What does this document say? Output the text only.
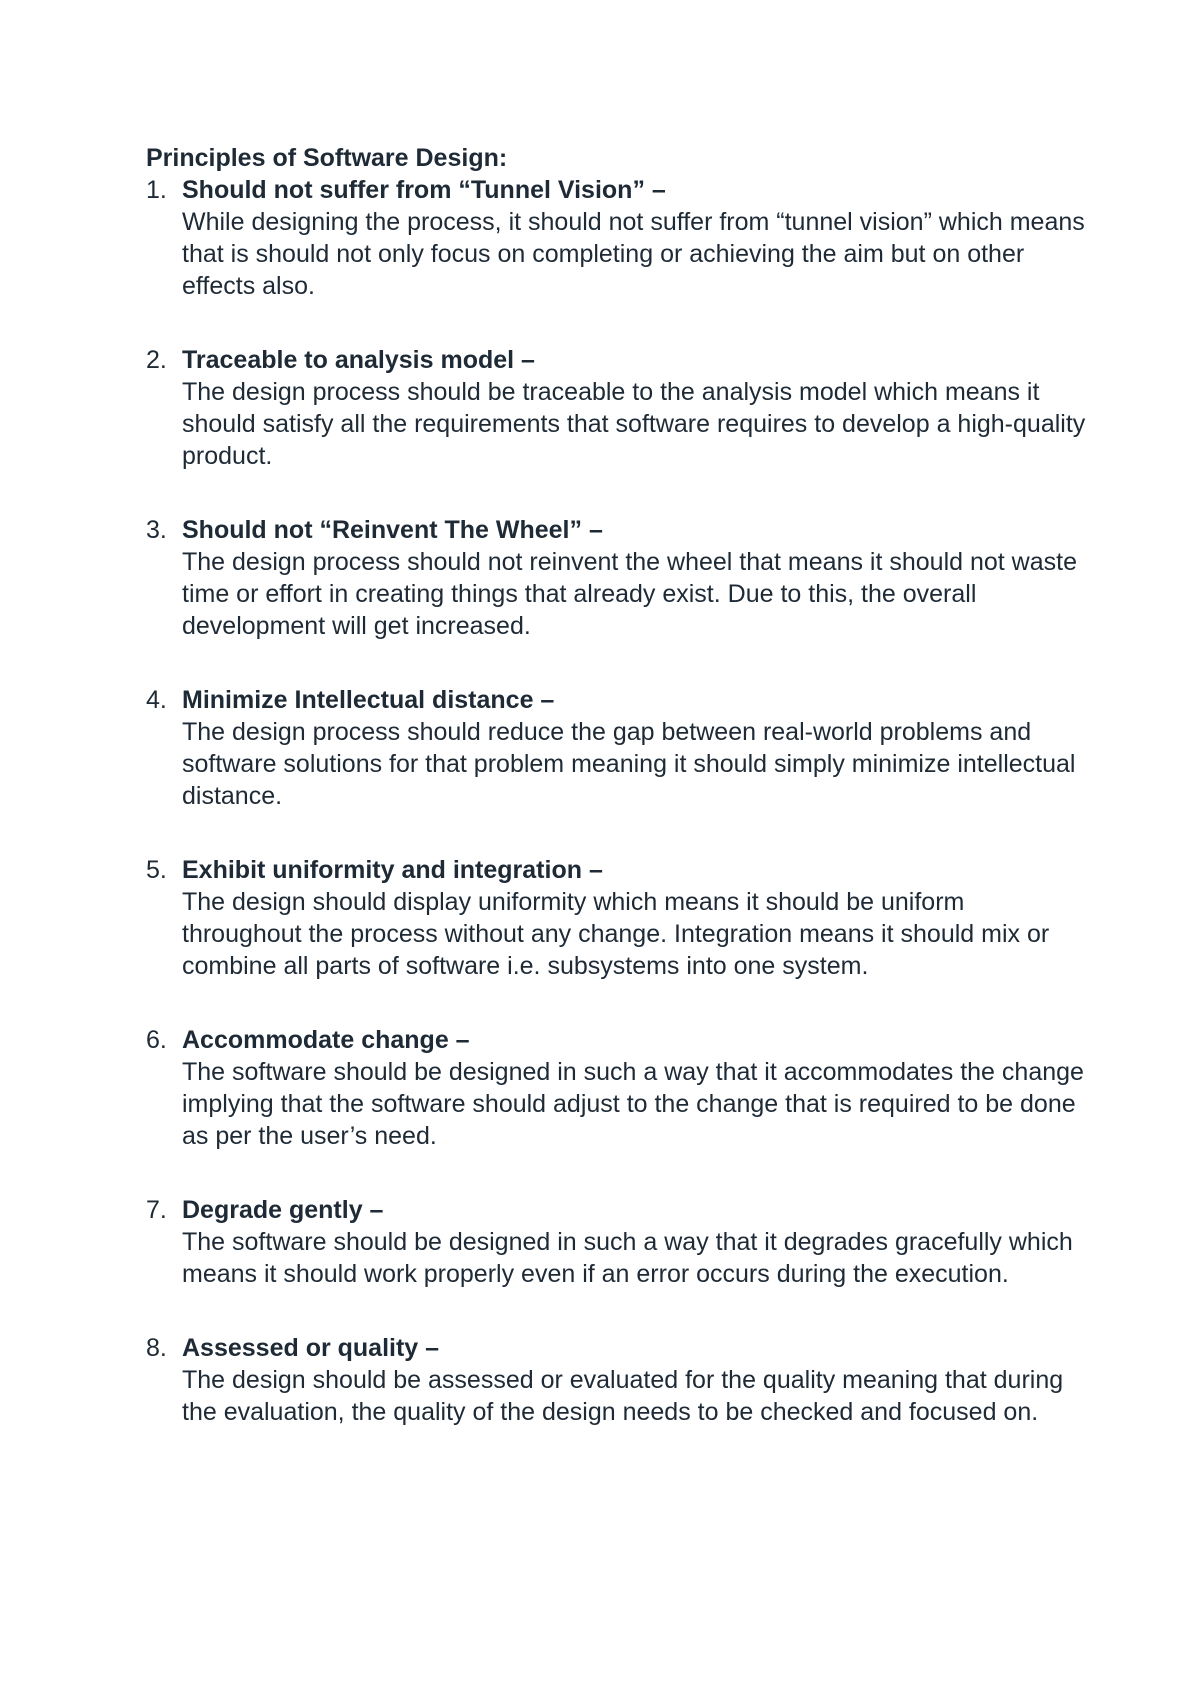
Principles of Software Design:
1. Should not suffer from “Tunnel Vision” –
While designing the process, it should not suffer from “tunnel vision” which means that is should not only focus on completing or achieving the aim but on other effects also.
2. Traceable to analysis model –
The design process should be traceable to the analysis model which means it should satisfy all the requirements that software requires to develop a high-quality product.
3. Should not “Reinvent The Wheel” –
The design process should not reinvent the wheel that means it should not waste time or effort in creating things that already exist. Due to this, the overall development will get increased.
4. Minimize Intellectual distance –
The design process should reduce the gap between real-world problems and software solutions for that problem meaning it should simply minimize intellectual distance.
5. Exhibit uniformity and integration –
The design should display uniformity which means it should be uniform throughout the process without any change. Integration means it should mix or combine all parts of software i.e. subsystems into one system.
6. Accommodate change –
The software should be designed in such a way that it accommodates the change implying that the software should adjust to the change that is required to be done as per the user’s need.
7. Degrade gently –
The software should be designed in such a way that it degrades gracefully which means it should work properly even if an error occurs during the execution.
8. Assessed or quality –
The design should be assessed or evaluated for the quality meaning that during the evaluation, the quality of the design needs to be checked and focused on.
